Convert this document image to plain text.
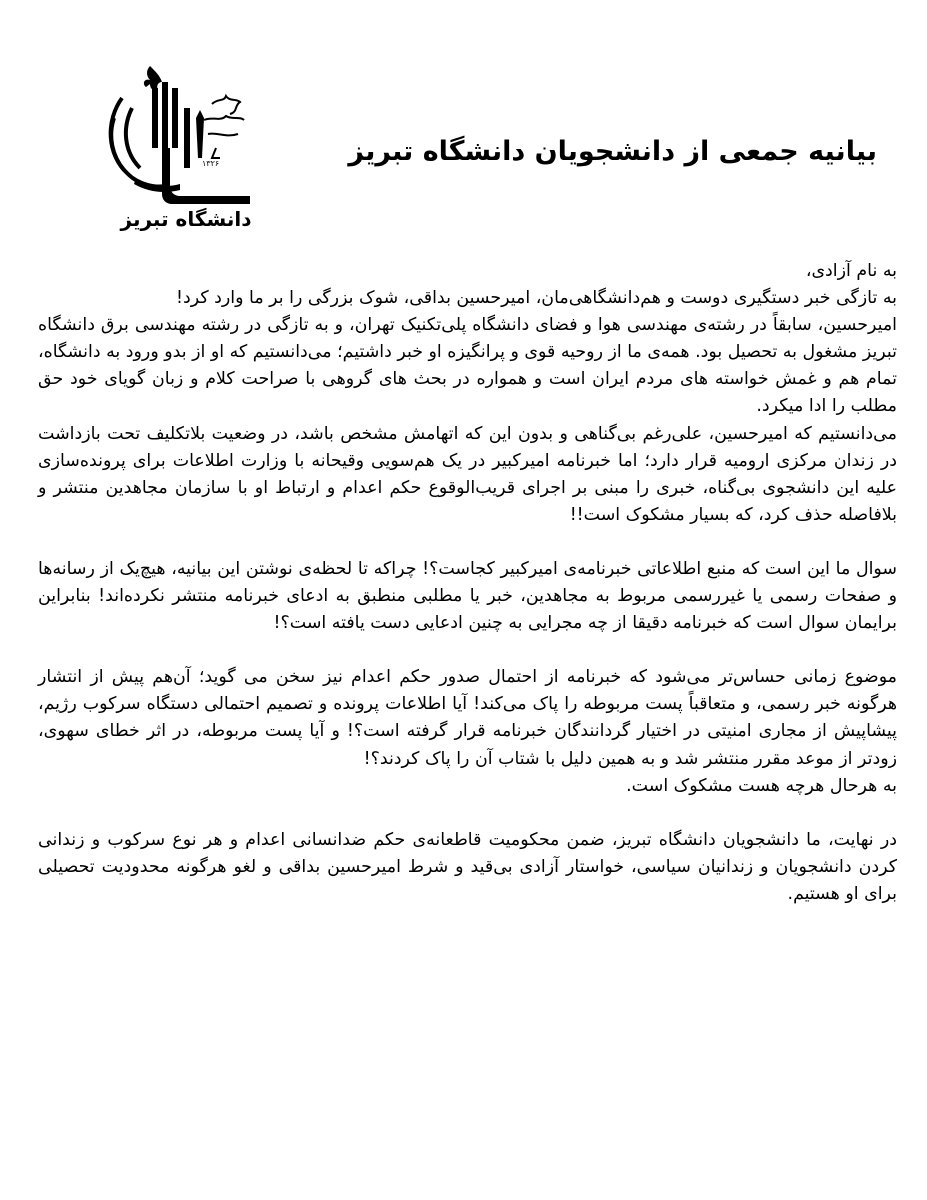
۱۳۲۶
دانشگاه تبریز
بیانیه جمعی از دانشجویان دانشگاه تبریز

به نام آزادی،

به تازگی خبر دستگیری دوست و هم‌دانشگاهی‌مان، امیرحسین بداقی، شوک بزرگی را بر ما وارد کرد!

امیرحسین، سابقاً در رشته‌ی مهندسی هوا و فضای دانشگاه پلی‌تکنیک تهران، و به تازگی در رشته مهندسی برق دانشگاه تبریز مشغول به تحصیل بود. همه‌ی ما از روحیه قوی و پرانگیزه او خبر داشتیم؛ می‌دانستیم که او از بدو ورود به دانشگاه، تمام هم و غمش خواسته های مردم ایران است و همواره در بحث های گروهی با صراحت کلام و زبان گویای خود حق مطلب را ادا میکرد.

می‌دانستیم که امیرحسین، علی‌رغم بی‌گناهی و بدون این که اتهامش مشخص باشد، در وضعیت بلاتکلیف تحت بازداشت در زندان مرکزی ارومیه قرار دارد؛ اما خبرنامه امیرکبیر در یک هم‌سویی وقیحانه با وزارت اطلاعات برای پرونده‌سازی علیه این دانشجوی بی‌گناه، خبری را مبنی بر اجرای قریب‌الوقوع حکم اعدام و ارتباط او با سازمان مجاهدین منتشر و بلافاصله حذف کرد، که بسیار مشکوک است!!

سوال ما این است که منبع اطلاعاتی خبرنامه‌ی امیرکبیر کجاست؟! چراکه تا لحظه‌ی نوشتن این بیانیه، هیچ‌یک از رسانه‌ها و صفحات رسمی یا غیررسمی مربوط به مجاهدین، خبر یا مطلبی منطبق به ادعای خبرنامه منتشر نکرده‌اند! بنابراین برایمان سوال است که خبرنامه دقیقا از چه مجرایی به چنین ادعایی دست یافته است؟!

موضوع زمانی حساس‌تر می‌شود که خبرنامه از احتمال صدور حکم اعدام نیز سخن می گوید؛ آن‌هم پیش از انتشار هرگونه خبر رسمی، و متعاقباً پست مربوطه را پاک می‌کند! آیا اطلاعات پرونده و تصمیم احتمالی دستگاه سرکوب رژیم، پیشاپیش از مجاری امنیتی در اختیار گردانندگان خبرنامه قرار گرفته است؟! و آیا پست مربوطه، در اثر خطای سهوی، زودتر از موعد مقرر منتشر شد و به همین دلیل با شتاب آن را پاک کردند؟!

به هرحال هرچه هست مشکوک است.

در نهایت، ما دانشجویان دانشگاه تبریز، ضمن محکومیت قاطعانه‌ی حکم ضدانسانی اعدام و هر نوع سرکوب و زندانی کردن دانشجویان و زندانیان سیاسی، خواستار آزادی بی‌قید و شرط امیرحسین بداقی و لغو هرگونه محدودیت تحصیلی برای او هستیم.
